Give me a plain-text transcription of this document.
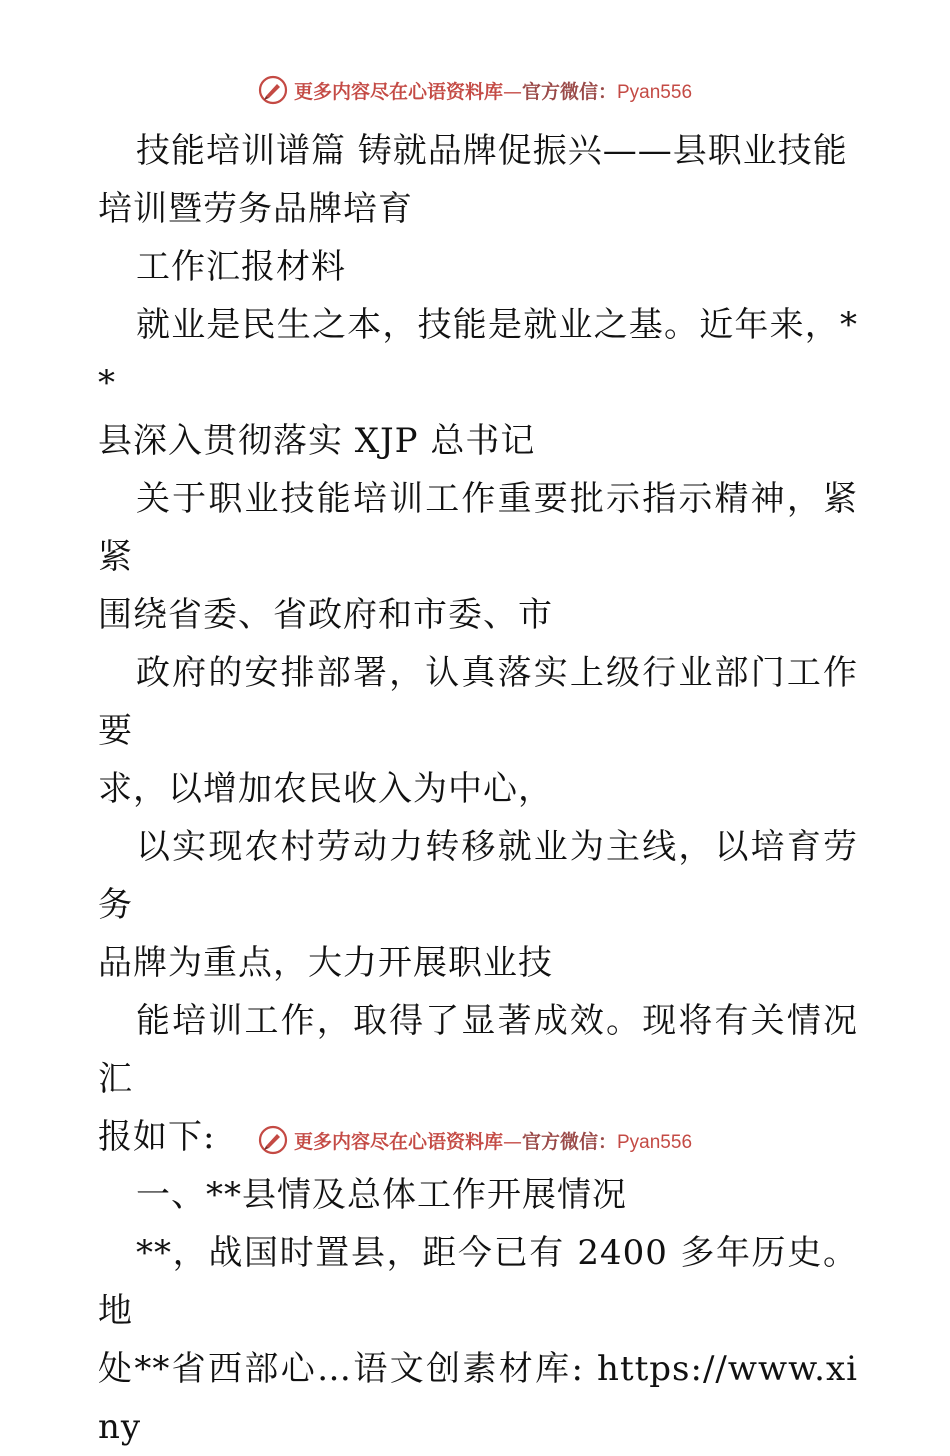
更多内容尽在心语资料库 — 官方微信： Pyan556

技能培训谱篇 铸就品牌促振兴——县职业技能

培训暨劳务品牌培育

工作汇报材料

就业是民生之本，技能是就业之基。近年来，**

县深入贯彻落实 XJP 总书记

关于职业技能培训工作重要批示指示精神，紧紧

围绕省委、省政府和市委、市

政府的安排部署，认真落实上级行业部门工作要

求，以增加农民收入为中心，

以实现农村劳动力转移就业为主线，以培育劳务

品牌为重点，大力开展职业技

能培训工作，取得了显著成效。现将有关情况汇

报如下:

一、**县情及总体工作开展情况

**，战国时置县，距今已有 2400 多年历史。地

处**省西部心…语文创素材库: https://www.xiny

更多内容尽在心语资料库 — 官方微信： Pyan556
